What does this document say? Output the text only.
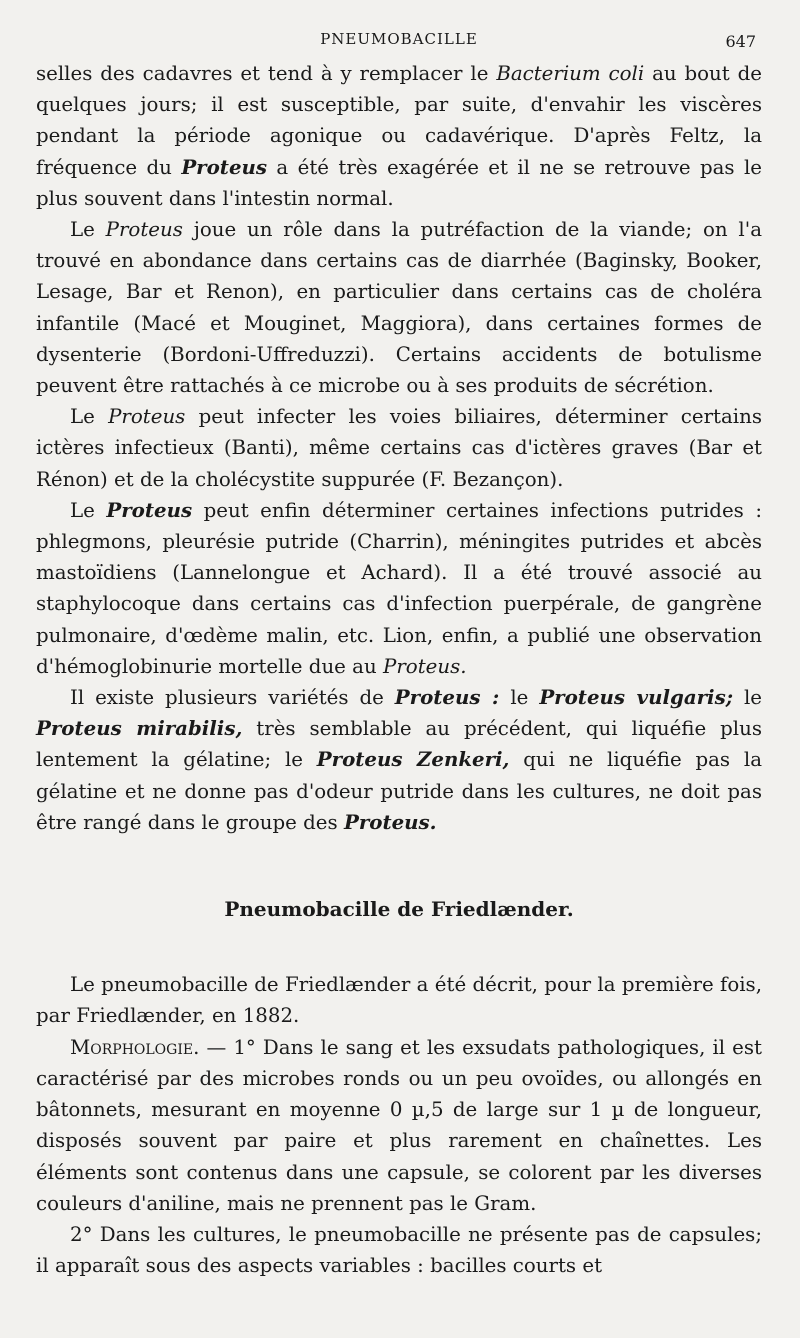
PNEUMOBACILLE	647

selles des cadavres et tend à y remplacer le Bacterium coli au bout de quelques jours; il est susceptible, par suite, d'envahir les viscères pendant la période agonique ou cadavérique. D'après Feltz, la fréquence du Proteus a été très exagérée et il ne se retrouve pas le plus souvent dans l'intestin normal.

Le Proteus joue un rôle dans la putréfaction de la viande; on l'a trouvé en abondance dans certains cas de diarrhée (Baginsky, Booker, Lesage, Bar et Renon), en particulier dans certains cas de choléra infantile (Macé et Mouginet, Maggiora), dans certaines formes de dysenterie (Bordoni-Uffreduzzi). Certains accidents de botulisme peuvent être rattachés à ce microbe ou à ses produits de sécrétion.

Le Proteus peut infecter les voies biliaires, déterminer certains ictères infectieux (Banti), même certains cas d'ictères graves (Bar et Rénon) et de la cholécystite suppurée (F. Bezançon).

Le Proteus peut enfin déterminer certaines infections putrides : phlegmons, pleurésie putride (Charrin), méningites putrides et abcès mastoïdiens (Lannelongue et Achard). Il a été trouvé associé au staphylocoque dans certains cas d'infection puerpérale, de gangrène pulmonaire, d'œdème malin, etc. Lion, enfin, a publié une observation d'hémoglobinurie mortelle due au Proteus.

Il existe plusieurs variétés de Proteus : le Proteus vulgaris; le Proteus mirabilis, très semblable au précédent, qui liquéfie plus lentement la gélatine; le Proteus Zenkeri, qui ne liquéfie pas la gélatine et ne donne pas d'odeur putride dans les cultures, ne doit pas être rangé dans le groupe des Proteus.

Pneumobacille de Friedlænder.

Le pneumobacille de Friedlænder a été décrit, pour la première fois, par Friedlænder, en 1882.

Morphologie. — 1° Dans le sang et les exsudats pathologiques, il est caractérisé par des microbes ronds ou un peu ovoïdes, ou allongés en bâtonnets, mesurant en moyenne 0 µ,5 de large sur 1 µ de longueur, disposés souvent par paire et plus rarement en chaînettes. Les éléments sont contenus dans une capsule, se colorent par les diverses couleurs d'aniline, mais ne prennent pas le Gram.

2° Dans les cultures, le pneumobacille ne présente pas de capsules; il apparaît sous des aspects variables : bacilles courts et
